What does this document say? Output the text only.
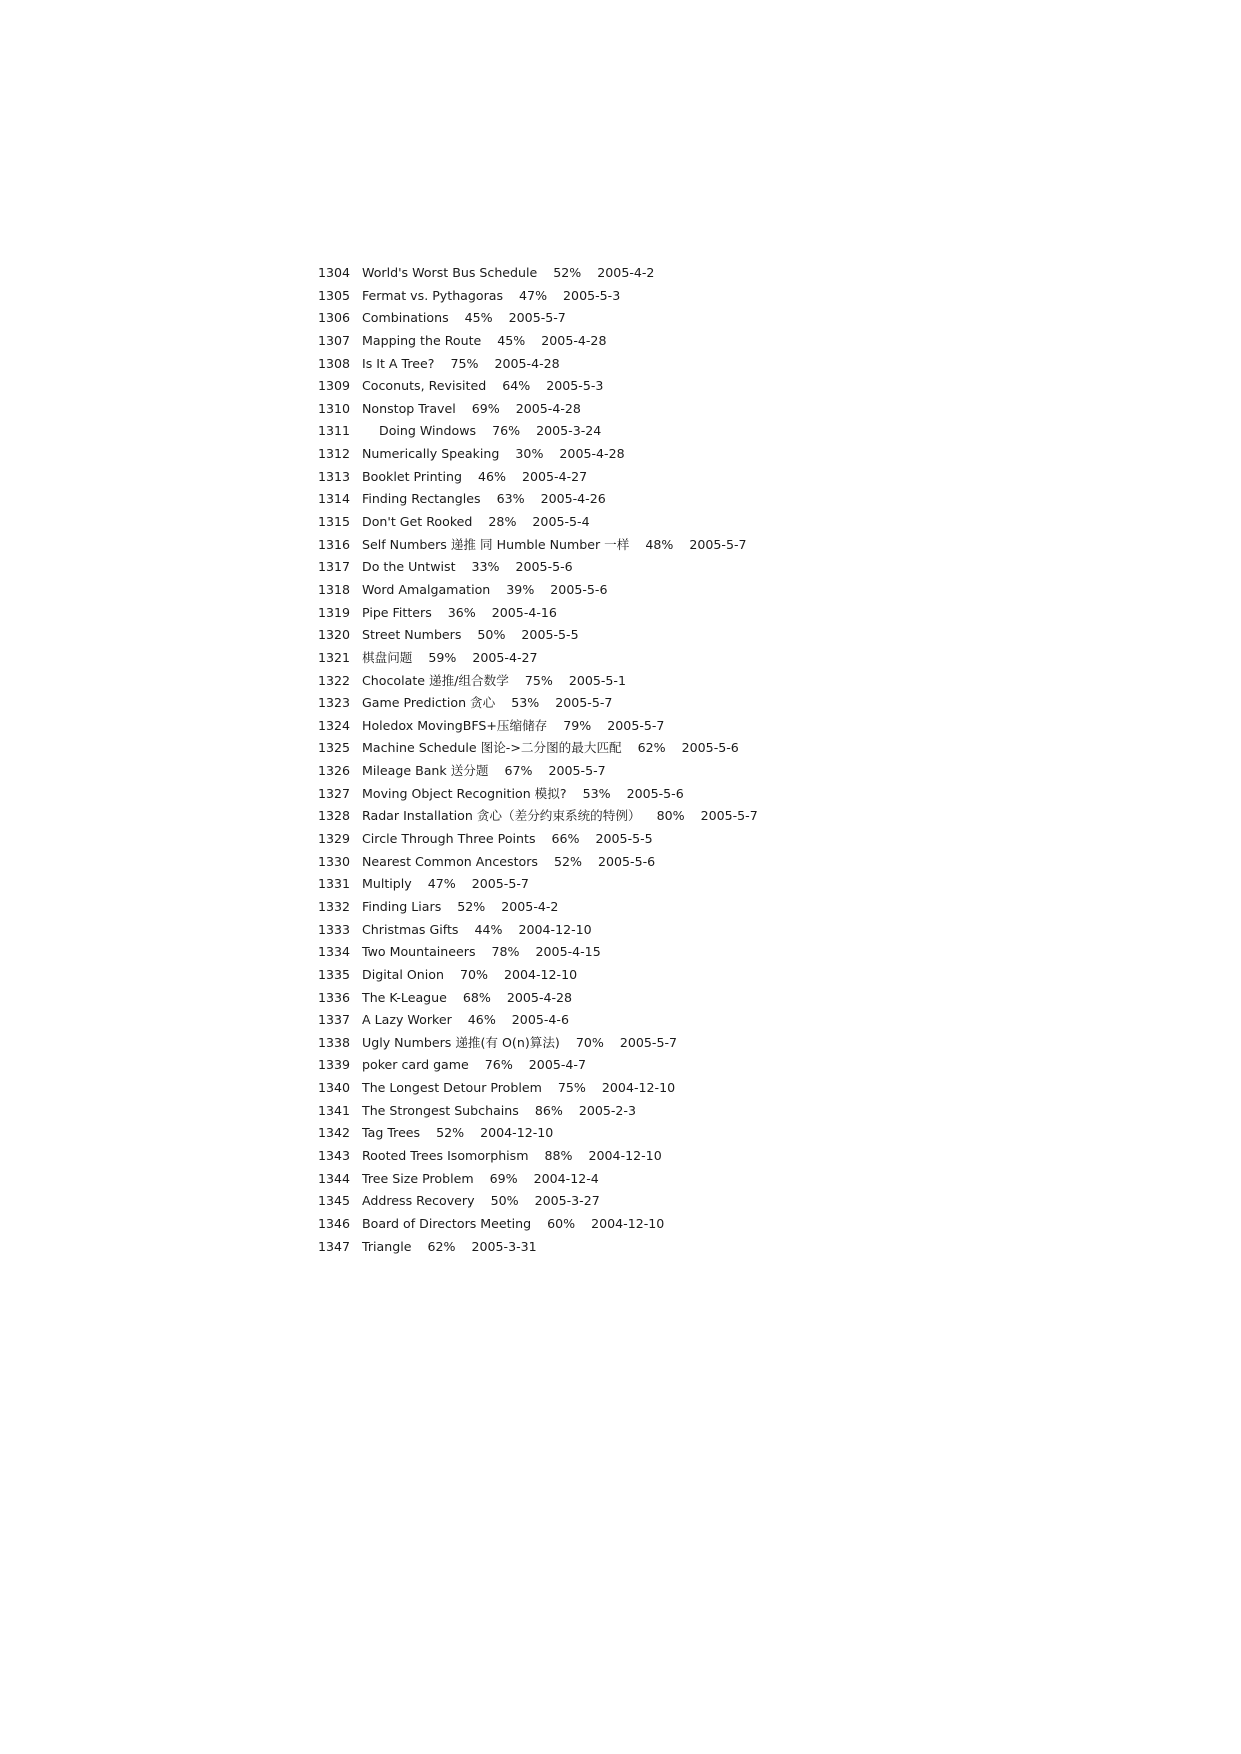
1304 World's Worst Bus Schedule 52% 2005-4-2
1305 Fermat vs. Pythagoras 47% 2005-5-3
1306 Combinations 45% 2005-5-7
1307 Mapping the Route 45% 2005-4-28
1308 Is It A Tree? 75% 2005-4-28
1309 Coconuts, Revisited 64% 2005-5-3
1310 Nonstop Travel 69% 2005-4-28
1311	Doing Windows 76% 2005-3-24
1312 Numerically Speaking 30% 2005-4-28
1313 Booklet Printing 46% 2005-4-27
1314 Finding Rectangles 63% 2005-4-26
1315 Don't Get Rooked 28% 2005-5-4
1316 Self Numbers 递推 同 Humble Number 一样 48% 2005-5-7
1317 Do the Untwist 33% 2005-5-6
1318 Word Amalgamation 39% 2005-5-6
1319 Pipe Fitters 36% 2005-4-16
1320 Street Numbers 50% 2005-5-5
1321 棋盘问题 59% 2005-4-27
1322 Chocolate 递推/组合数学 75% 2005-5-1
1323 Game Prediction 贪心 53% 2005-5-7
1324 Holedox MovingBFS+压缩储存 79% 2005-5-7
1325 Machine Schedule 图论->二分图的最大匹配 62% 2005-5-6
1326 Mileage Bank 送分题 67% 2005-5-7
1327 Moving Object Recognition 模拟? 53% 2005-5-6
1328 Radar Installation 贪心（差分约束系统的特例） 80% 2005-5-7
1329 Circle Through Three Points 66% 2005-5-5
1330 Nearest Common Ancestors 52% 2005-5-6
1331 Multiply 47% 2005-5-7
1332 Finding Liars 52% 2005-4-2
1333 Christmas Gifts 44% 2004-12-10
1334 Two Mountaineers 78% 2005-4-15
1335 Digital Onion 70% 2004-12-10
1336 The K-League 68% 2005-4-28
1337 A Lazy Worker 46% 2005-4-6
1338 Ugly Numbers 递推(有 O(n)算法) 70% 2005-5-7
1339 poker card game 76% 2005-4-7
1340 The Longest Detour Problem 75% 2004-12-10
1341 The Strongest Subchains 86% 2005-2-3
1342 Tag Trees 52% 2004-12-10
1343 Rooted Trees Isomorphism 88% 2004-12-10
1344 Tree Size Problem 69% 2004-12-4
1345 Address Recovery 50% 2005-3-27
1346 Board of Directors Meeting 60% 2004-12-10
1347 Triangle 62% 2005-3-31
